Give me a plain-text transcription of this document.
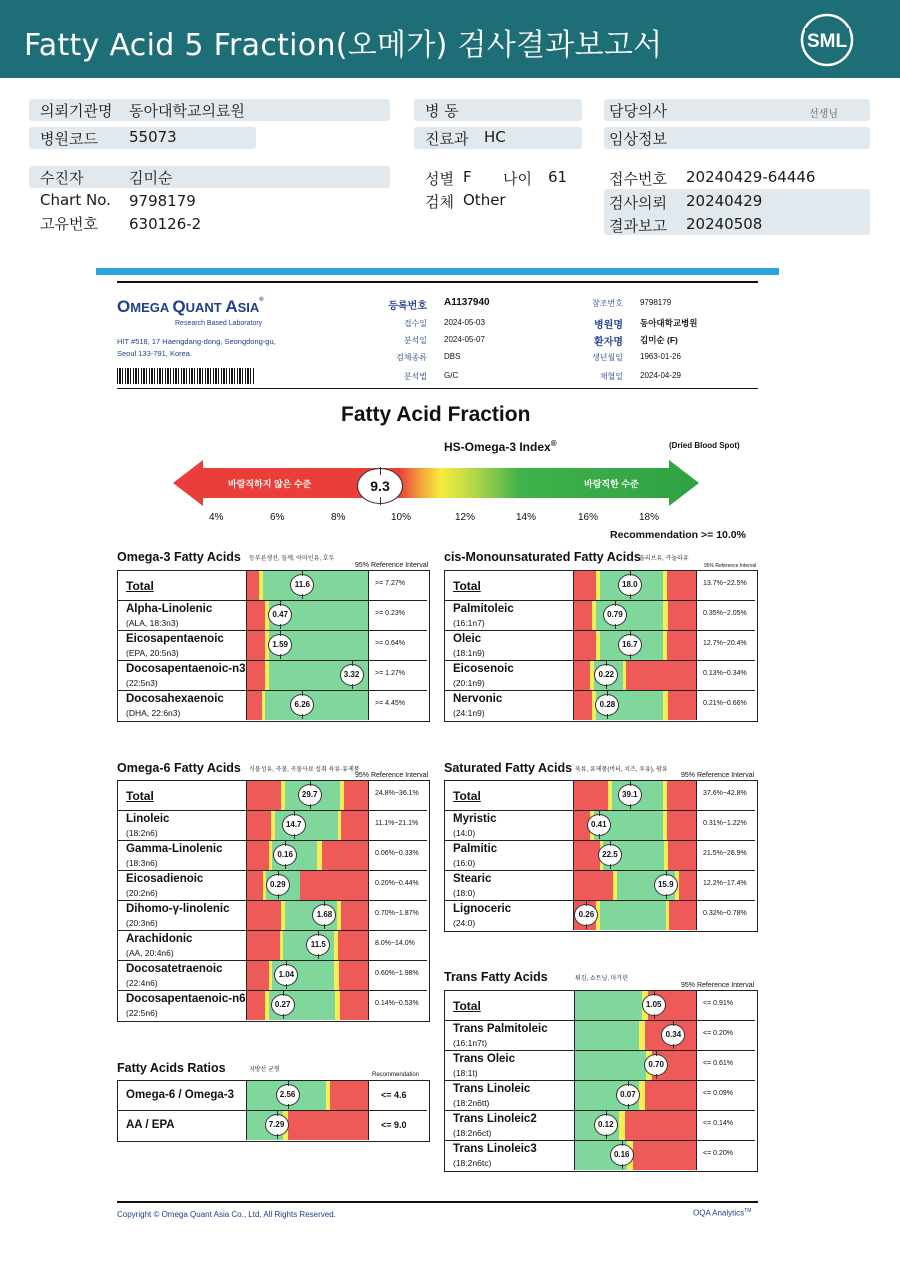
Fatty Acid 5 Fraction(오메가) 검사결과보고서	SML
의뢰기관명 동아대학교의료원
병원코드 55073
병 동
진료과 HC
담당의사	선생님
임상정보
수진자	김미순
Chart No. 9798179
고유번호 630126-2
성별 F 나이 61
검체 Other
접수번호 20240429-64446
검사의뢰 20240429
결과보고 20240508
OMEGA QUANT ASIA®
Research Based Laboratory
HIT #518, 17 Haengdang-dong, Seongdong-gu,
Seoul 133-791, Korea.
등록번호 A1137940
접수일 2024-05-03
분석일 2024-05-07
검체종류 DBS
분석법 G/C
참조번호 9798179
병원명 동아대학교병원
환자명 김미순 (F)
생년월일 1963-01-26
채혈일 2024-04-29
Fatty Acid Fraction
HS-Omega-3 Index®	(Dried Blood Spot)
바람직하지 않은 수준	바람직한 수준
9.3
4%	6%	8%	10%	12%	14%	16%	18%
Recommendation >= 10.0%
Omega-3 Fatty Acids 등푸른생선, 들깨, 아마인유, 호두
95% Reference Interval
cis-Monounsaturated Fatty Acids
올리브유, 카놀라유
95% Reference Interval
Omega-6 Fatty Acids 식물성유, 곡물, 곡물사료 섭취 육류·유제품
95% Reference Interval
Saturated Fatty Acids 육류, 유제품(버터, 치즈, 우유), 팜유
95% Reference Interval
Trans Fatty Acids	튀김, 쇼트닝, 마가린
95% Reference Interval
Fatty Acids Ratios	지방산 균형
Recommendation
Total	11.6	>= 7.27%
Alpha-Linolenic
(ALA, 18:3n3)
0.47	>= 0.23%
Eicosapentaenoic
(EPA, 20:5n3)
1.59	>= 0.64%
Docosapentaenoic-n3
(22:5n3)
3.32	>= 1.27%
Docosahexaenoic
(DHA, 22:6n3)
6.26	>= 4.45%
Total	18.0	13.7%~22.5%
Palmitoleic
(16:1n7)
0.79	0.35%~2.05%
Oleic
(18:1n9)
16.7	12.7%~20.4%
Eicosenoic
(20:1n9)
0.22	0.13%~0.34%
Nervonic
(24:1n9)
0.28	0.21%~0.66%
Total	29.7	24.8%~36.1%
Linoleic
(18:2n6)
14.7	11.1%~21.1%
Gamma-Linolenic
(18:3n6)
0.16	0.06%~0.33%
Eicosadienoic
(20:2n6)
0.29	0.20%~0.44%
Dihomo-γ-linolenic
(20:3n6)
1.68	0.70%~1.87%
Arachidonic
(AA, 20:4n6)
11.5	8.0%~14.0%
Docosatetraenoic
(22:4n6)
1.04	0.60%~1.98%
Docosapentaenoic-n6
(22:5n6)
0.27	0.14%~0.53%
Total	39.1	37.6%~42.8%
Myristic
(14:0)
0.41	0.31%~1.22%
Palmitic
(16:0)
22.5	21.5%~26.9%
Stearic
(18:0)
15.9	12.2%~17.4%
Lignoceric
(24:0)
0.26	0.32%~0.78%
Total	1.05	<= 0.91%
Trans Palmitoleic
(16:1n7t)
0.34	<= 0.20%
Trans Oleic
(18:1t)
0.70	<= 0.61%
Trans Linoleic
(18:2n6tt)
0.07	<= 0.09%
Trans Linoleic2
(18:2n6ct)
0.12	<= 0.14%
Trans Linoleic3
(18:2n6tc)
0.16	<= 0.20%
Omega-6 / Omega-3	2.56	<= 4.6
AA / EPA	7.29	<= 9.0
Copyright © Omega Quant Asia Co., Ltd. All Rights Reserved.	OQA Analytics™
